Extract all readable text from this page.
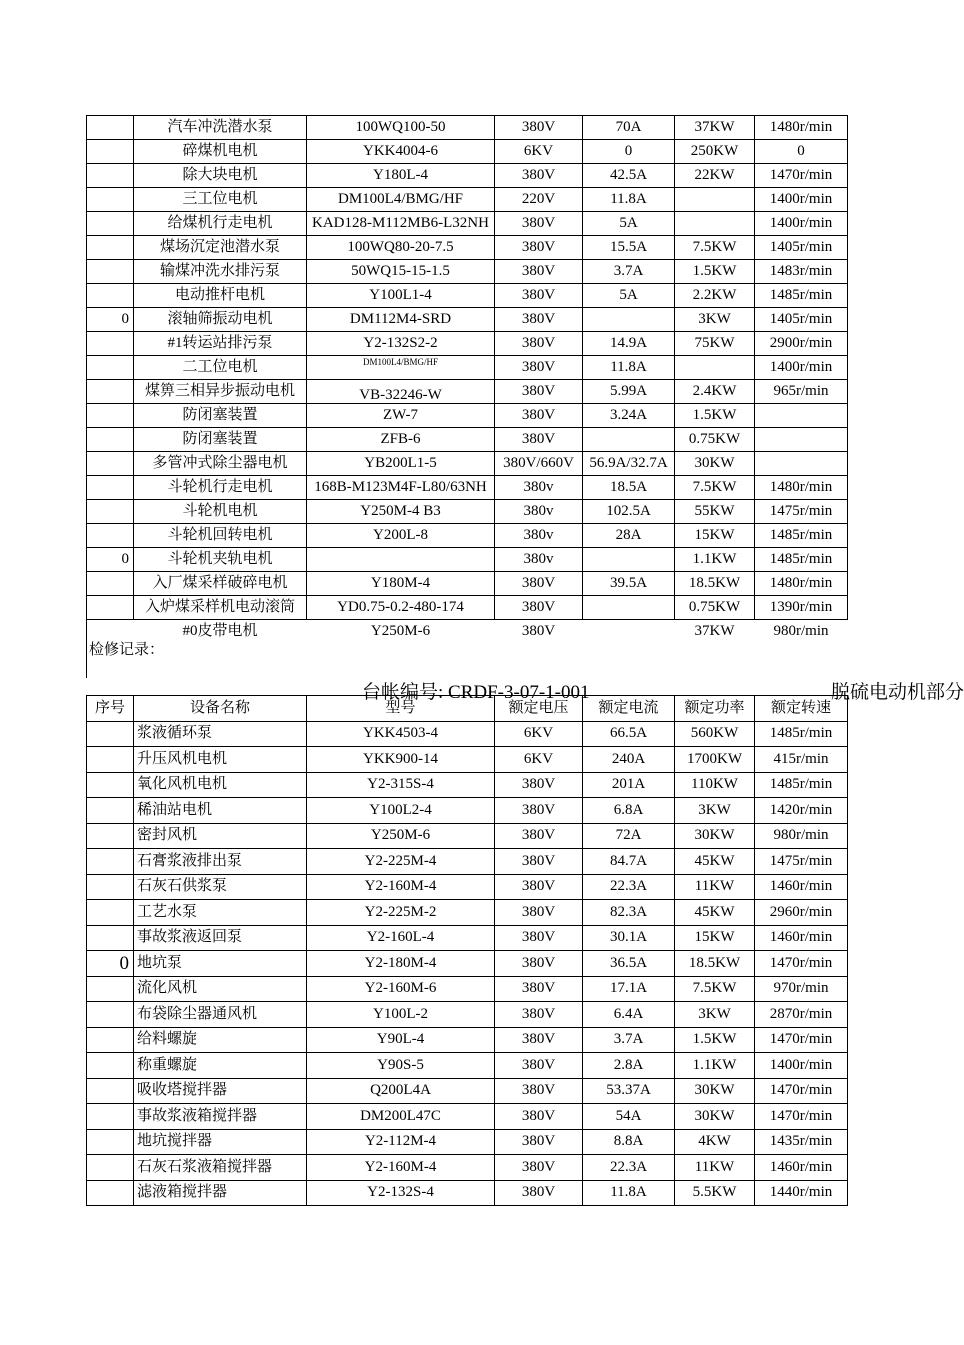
	汽车冲洗潜水泵	100WQ100-50	380V	70A	37KW	1480r/min
	碎煤机电机	YKK4004-6	6KV	0	250KW	0
	除大块电机	Y180L-4	380V	42.5A	22KW	1470r/min
	三工位电机	DM100L4/BMG/HF	220V	11.8A		1400r/min
	给煤机行走电机	KAD128-M112MB6-L32NH	380V	5A		1400r/min
	煤场沉定池潜水泵	100WQ80-20-7.5	380V	15.5A	7.5KW	1405r/min
	输煤冲洗水排污泵	50WQ15-15-1.5	380V	3.7A	1.5KW	1483r/min
	电动推杆电机	Y100L1-4	380V	5A	2.2KW	1485r/min
0	滚轴筛振动电机	DM112M4-SRD	380V		3KW	1405r/min
	#1转运站排污泵	Y2-132S2-2	380V	14.9A	75KW	2900r/min
	二工位电机	$^{DM100L4/BMG/HF}$	380V	11.8A		1400r/min
	煤箅三相异步振动电机	VB-32246-W	380V	5.99A	2.4KW	965r/min
	防闭塞装置	ZW-7	380V	3.24A	1.5KW	
	防闭塞装置	ZFB-6	380V		0.75KW	
	多管冲式除尘器电机	YB200L1-5	380V/660V	56.9A/32.7A	30KW	
	斗轮机行走电机	168B-M123M4F-L80/63NH	380v	18.5A	7.5KW	1480r/min
	斗轮机电机	Y250M-4 B3	380v	102.5A	55KW	1475r/min
	斗轮机回转电机	Y200L-8	380v	28A	15KW	1485r/min
0	斗轮机夹轨电机		380v		1.1KW	1485r/min
	入厂煤采样破碎电机	Y180M-4	380V	39.5A	18.5KW	1480r/min
	入炉煤采样机电动滚筒	YD0.75-0.2-480-174	380V		0.75KW	1390r/min
	#0皮带电机	Y250M-6	380V		37KW	980r/min
检修记录：
台帐编号: CRDF-3-07-1-001	脱硫电动机部分
序号	设备名称	型号	额定电压	额定电流	额定功率	额定转速
	浆液循环泵	YKK4503-4	6KV	66.5A	560KW	1485r/min
	升压风机电机	YKK900-14	6KV	240A	1700KW	415r/min
	氧化风机电机	Y2-315S-4	380V	201A	110KW	1485r/min
	稀油站电机	Y100L2-4	380V	6.8A	3KW	1420r/min
	密封风机	Y250M-6	380V	72A	30KW	980r/min
	石膏浆液排出泵	Y2-225M-4	380V	84.7A	45KW	1475r/min
	石灰石供浆泵	Y2-160M-4	380V	22.3A	11KW	1460r/min
	工艺水泵	Y2-225M-2	380V	82.3A	45KW	2960r/min
	事故浆液返回泵	Y2-160L-4	380V	30.1A	15KW	1460r/min
0	地坑泵	Y2-180M-4	380V	36.5A	18.5KW	1470r/min
	流化风机	Y2-160M-6	380V	17.1A	7.5KW	970r/min
	布袋除尘器通风机	Y100L-2	380V	6.4A	3KW	2870r/min
	给料螺旋	Y90L-4	380V	3.7A	1.5KW	1470r/min
	称重螺旋	Y90S-5	380V	2.8A	1.1KW	1400r/min
	吸收塔搅拌器	Q200L4A	380V	53.37A	30KW	1470r/min
	事故浆液箱搅拌器	DM200L47C	380V	54A	30KW	1470r/min
	地坑搅拌器	Y2-112M-4	380V	8.8A	4KW	1435r/min
	石灰石浆液箱搅拌器	Y2-160M-4	380V	22.3A	11KW	1460r/min
	滤液箱搅拌器	Y2-132S-4	380V	11.8A	5.5KW	1440r/min
